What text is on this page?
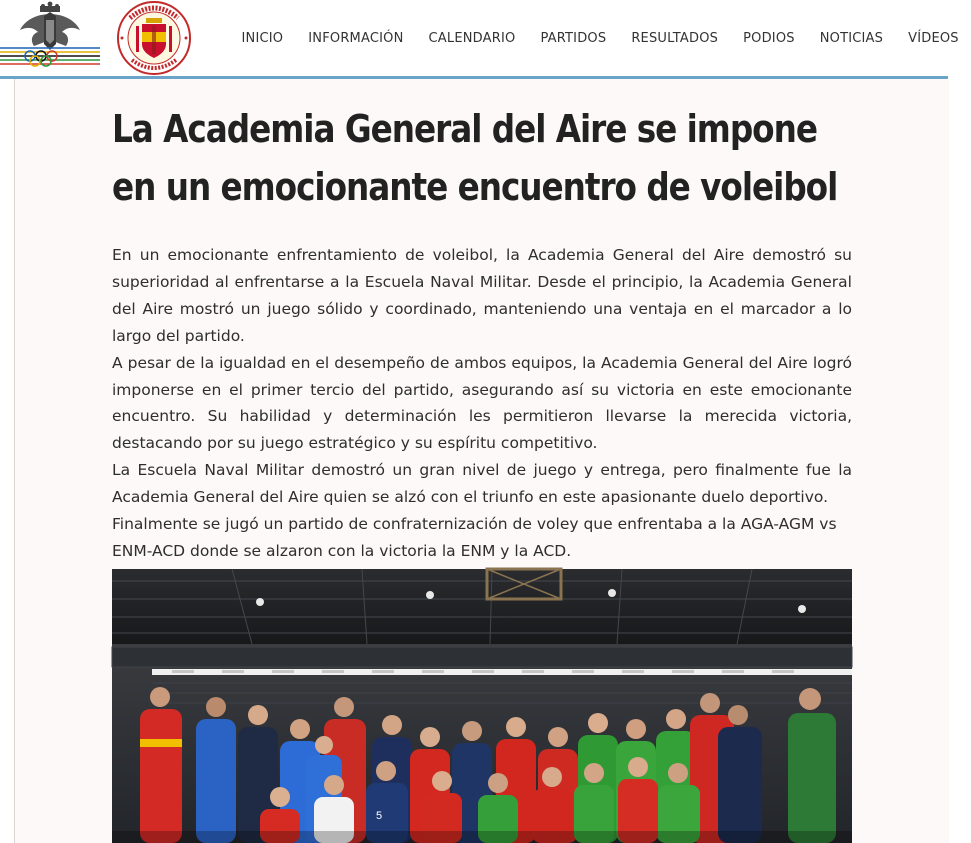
INICIO	INFORMACIÓN	CALENDARIO	PARTIDOS	RESULTADOS	PODIOS	NOTICIAS	VÍDEOS
La Academia General del Aire se impone en un emocionante encuentro de voleibol

En un emocionante enfrentamiento de voleibol, la Academia General del Aire demostró su superioridad al enfrentarse a la Escuela Naval Militar. Desde el principio, la Academia General del Aire mostró un juego sólido y coordinado, manteniendo una ventaja en el marcador a lo largo del partido.

A pesar de la igualdad en el desempeño de ambos equipos, la Academia General del Aire logró imponerse en el primer tercio del partido, asegurando así su victoria en este emocionante encuentro. Su habilidad y determinación les permitieron llevarse la merecida victoria, destacando por su juego estratégico y su espíritu competitivo.

La Escuela Naval Militar demostró un gran nivel de juego y entrega, pero finalmente fue la Academia General del Aire quien se alzó con el triunfo en este apasionante duelo deportivo.

Finalmente se jugó un partido de confraternización de voley que enfrentaba a la AGA-AGM vs ENM-ACD donde se alzaron con la victoria la ENM y la ACD.

5
